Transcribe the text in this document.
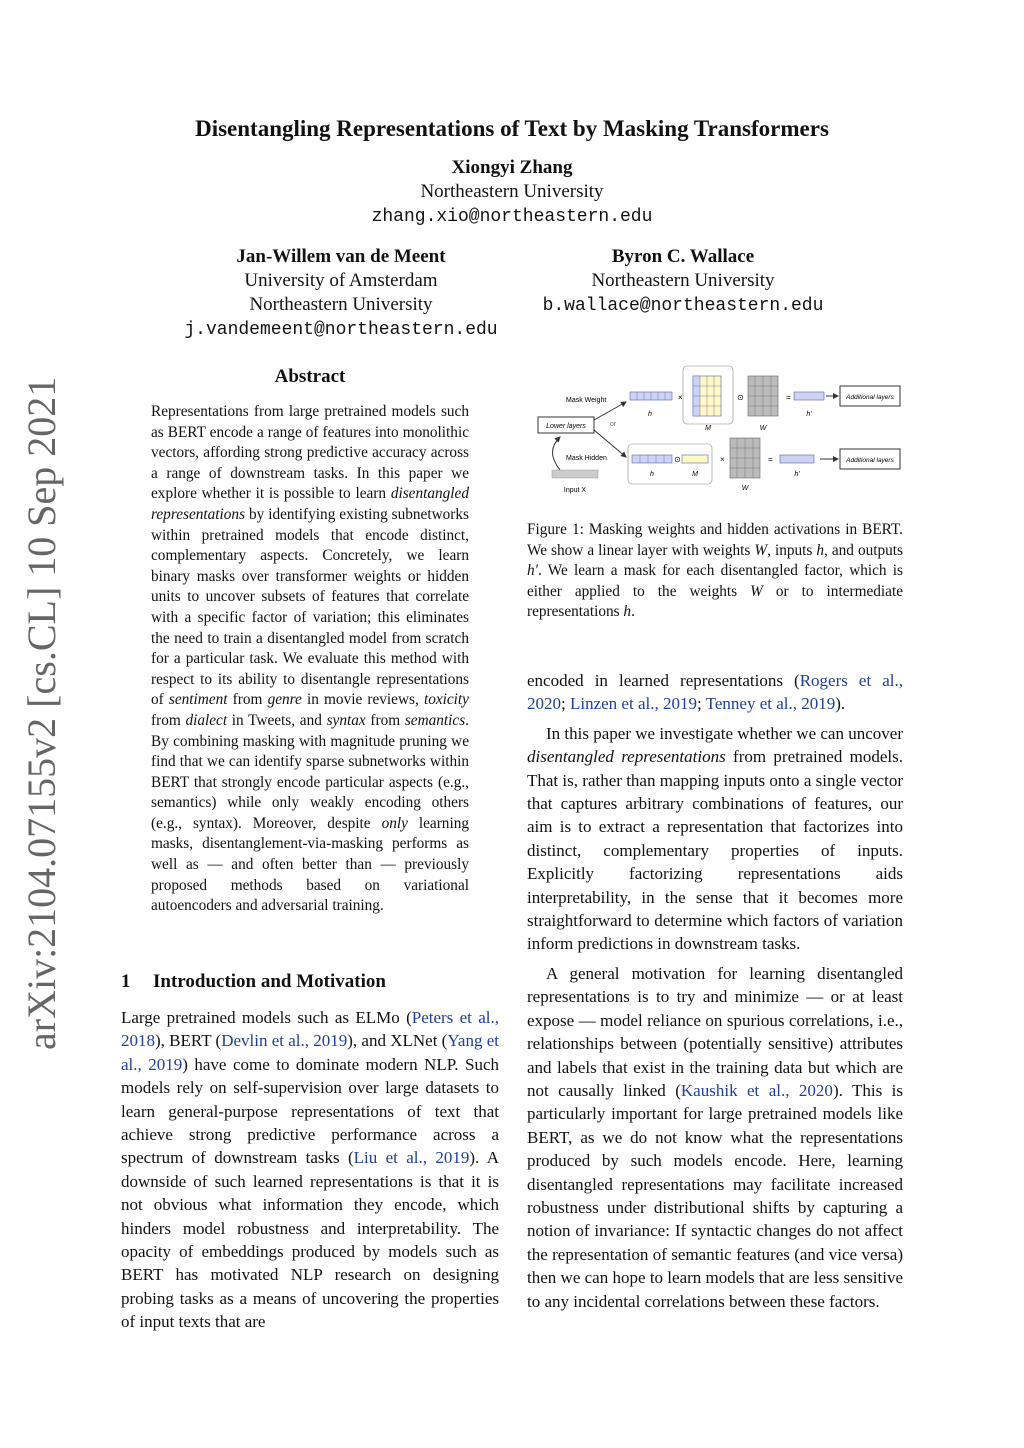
arXiv:2104.07155v2 [cs.CL] 10 Sep 2021
Disentangling Representations of Text by Masking Transformers
Xiongyi Zhang
Northeastern University
zhang.xio@northeastern.edu
Jan-Willem van de Meent
University of Amsterdam
Northeastern University
j.vandemeent@northeastern.edu
Byron C. Wallace
Northeastern University
b.wallace@northeastern.edu
Abstract
Representations from large pretrained models such as BERT encode a range of features into monolithic vectors, affording strong predictive accuracy across a range of downstream tasks. In this paper we explore whether it is possible to learn disentangled representations by identifying existing subnetworks within pretrained models that encode distinct, complementary aspects. Concretely, we learn binary masks over transformer weights or hidden units to uncover subsets of features that correlate with a specific factor of variation; this eliminates the need to train a disentangled model from scratch for a particular task. We evaluate this method with respect to its ability to disentangle representations of sentiment from genre in movie reviews, toxicity from dialect in Tweets, and syntax from semantics. By combining masking with magnitude pruning we find that we can identify sparse subnetworks within BERT that strongly encode particular aspects (e.g., semantics) while only weakly encoding others (e.g., syntax). Moreover, despite only learning masks, disentanglement-via-masking performs as well as — and often better than — previously proposed methods based on variational autoencoders and adversarial training.
1 Introduction and Motivation
Large pretrained models such as ELMo (Peters et al., 2018), BERT (Devlin et al., 2019), and XLNet (Yang et al., 2019) have come to dominate modern NLP. Such models rely on self-supervision over large datasets to learn general-purpose representations of text that achieve strong predictive performance across a spectrum of downstream tasks (Liu et al., 2019). A downside of such learned representations is that it is not obvious what information they encode, which hinders model robustness and interpretability. The opacity of embeddings produced by models such as BERT has motivated NLP research on designing probing tasks as a means of uncovering the properties of input texts that are
Lower layers
Input X
Mask Weight
Mask Hidden
or
h
×
M
⊙
W
=
h'
Additional layers
h
⊙
M
×
W
=
h'
Additional layers
Figure 1: Masking weights and hidden activations in BERT. We show a linear layer with weights W, inputs h, and outputs h′. We learn a mask for each disentangled factor, which is either applied to the weights W or to intermediate representations h.

encoded in learned representations (Rogers et al., 2020; Linzen et al., 2019; Tenney et al., 2019).

In this paper we investigate whether we can uncover disentangled representations from pretrained models. That is, rather than mapping inputs onto a single vector that captures arbitrary combinations of features, our aim is to extract a representation that factorizes into distinct, complementary properties of inputs. Explicitly factorizing representations aids interpretability, in the sense that it becomes more straightforward to determine which factors of variation inform predictions in downstream tasks.

A general motivation for learning disentangled representations is to try and minimize — or at least expose — model reliance on spurious correlations, i.e., relationships between (potentially sensitive) attributes and labels that exist in the training data but which are not causally linked (Kaushik et al., 2020). This is particularly important for large pretrained models like BERT, as we do not know what the representations produced by such models encode. Here, learning disentangled representations may facilitate increased robustness under distributional shifts by capturing a notion of invariance: If syntactic changes do not affect the representation of semantic features (and vice versa) then we can hope to learn models that are less sensitive to any incidental correlations between these factors.
